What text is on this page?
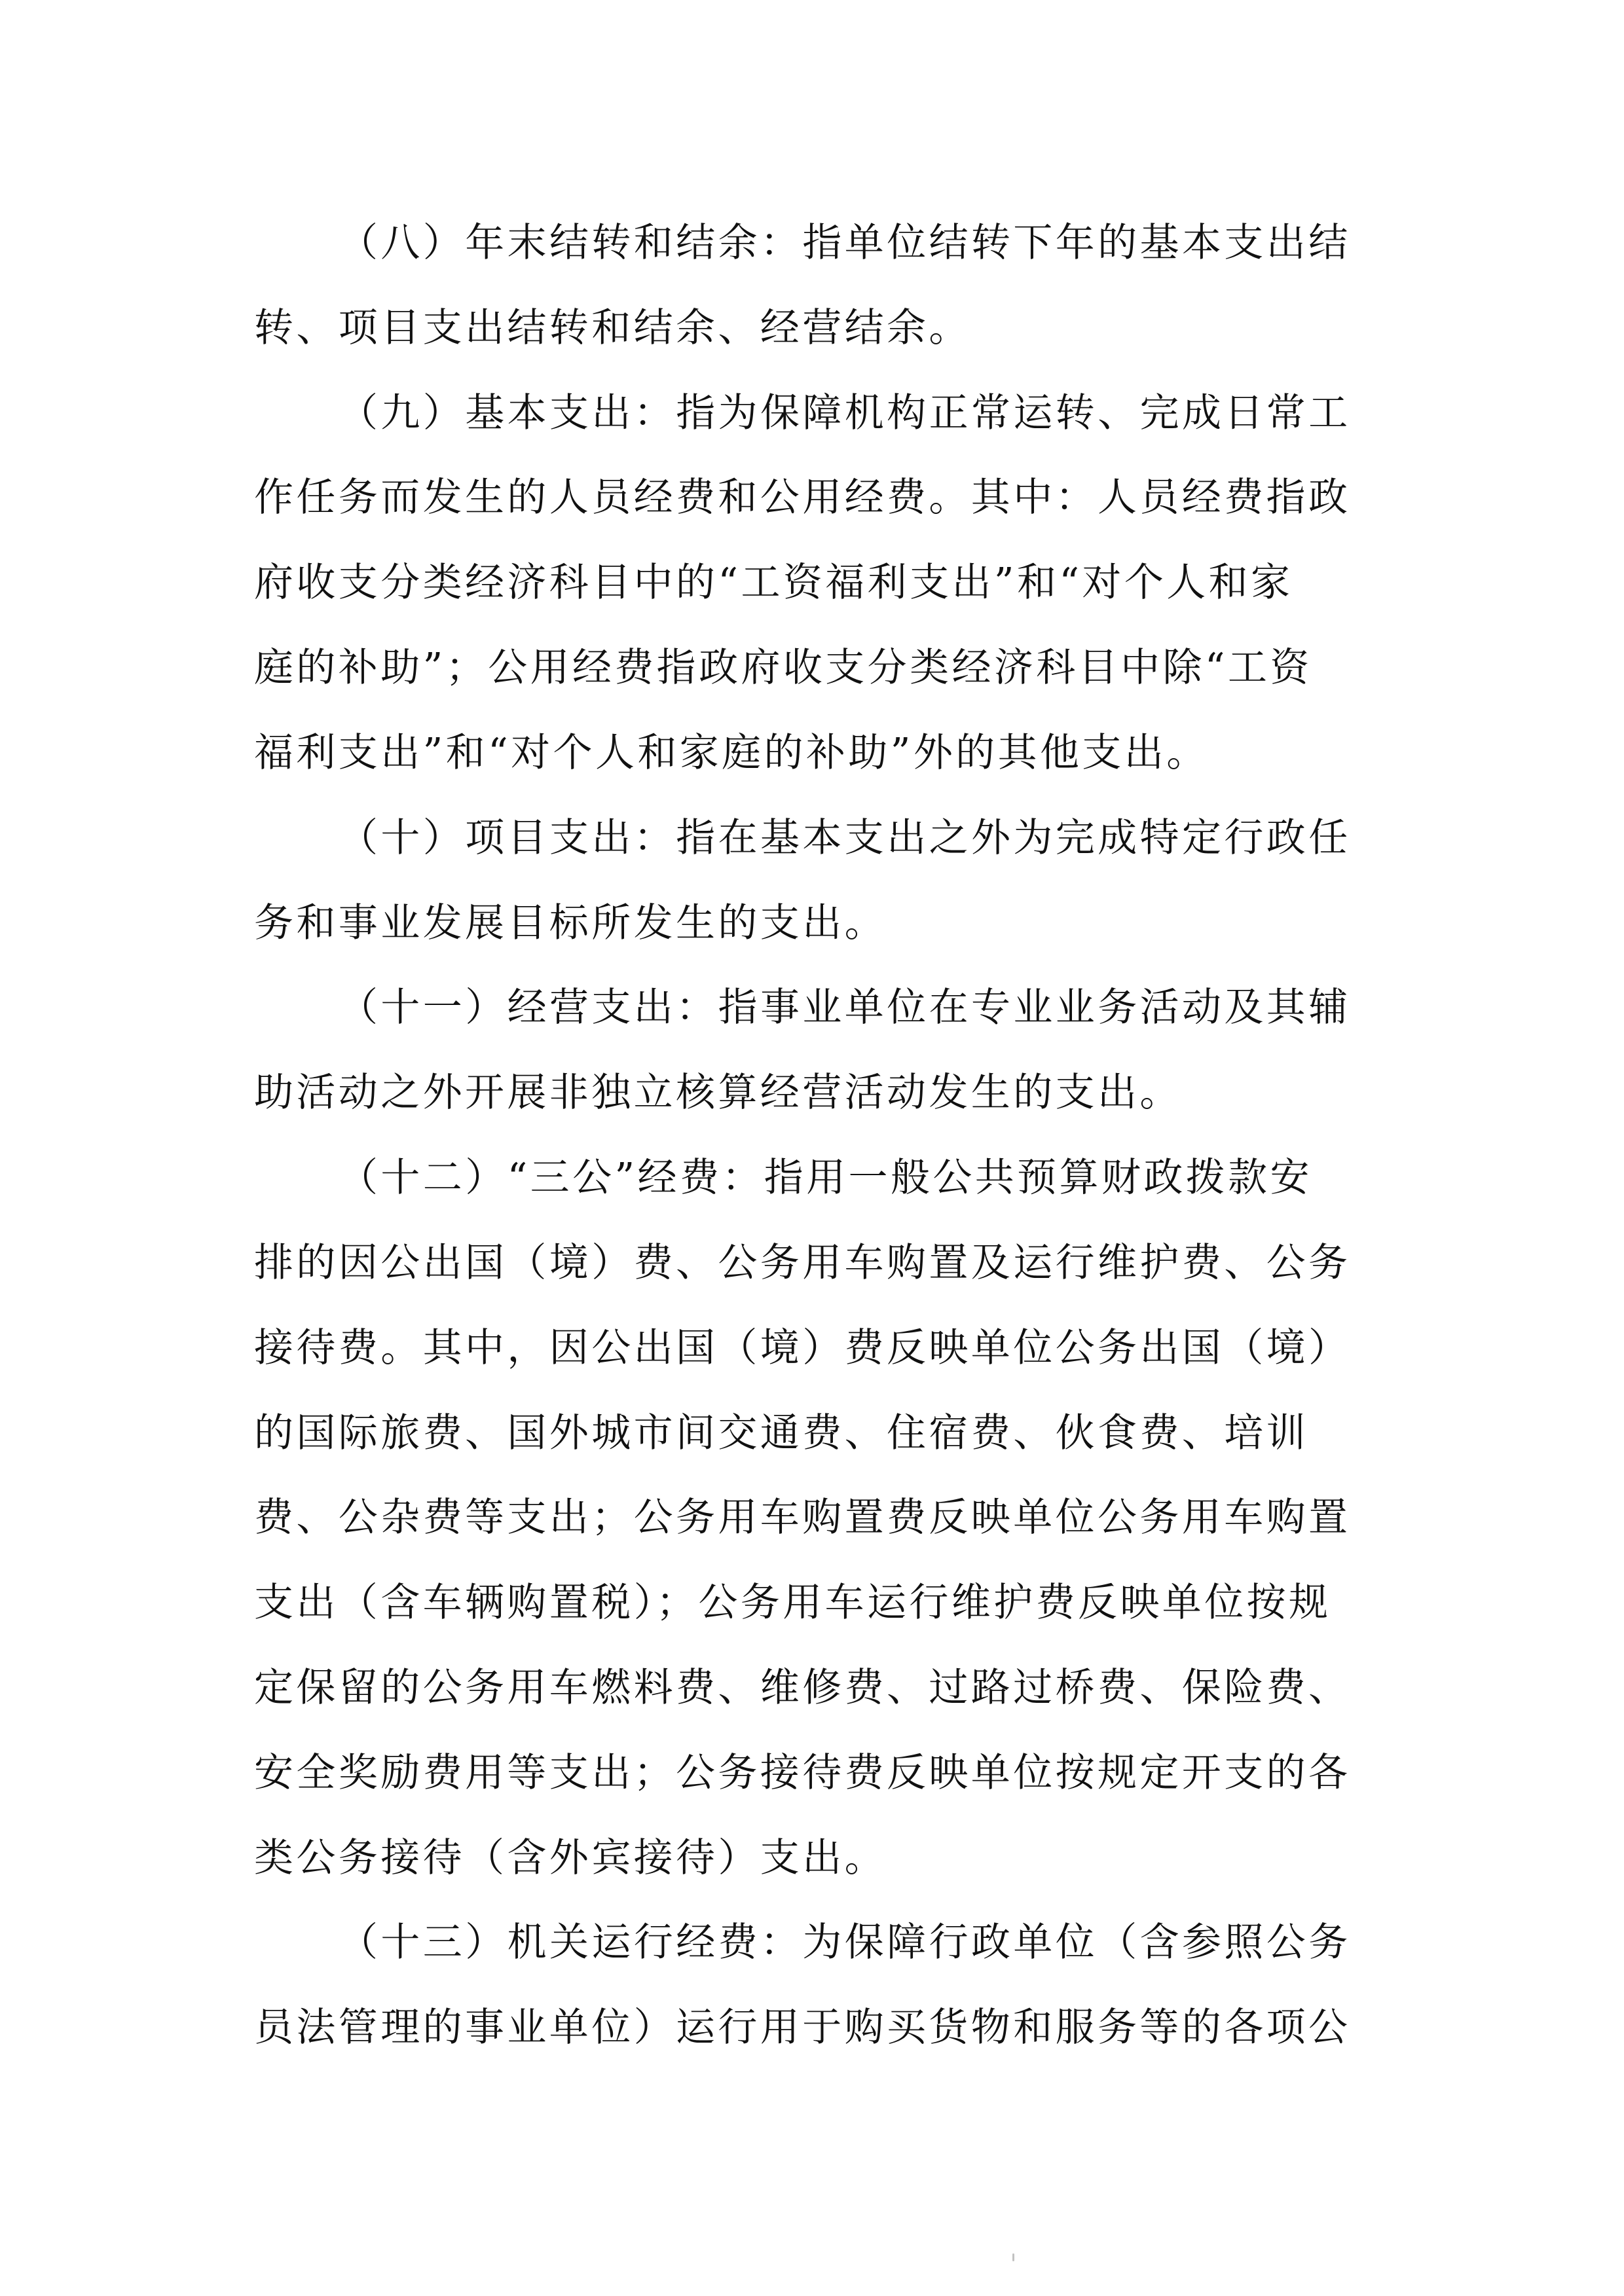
（八）年末结转和结余：指单位结转下年的基本支出结
转、项目支出结转和结余、经营结余。
（九）基本支出：指为保障机构正常运转、完成日常工
作任务而发生的人员经费和公用经费。其中：人员经费指政
府收支分类经济科目中的“工资福利支出”和“对个人和家
庭的补助”；公用经费指政府收支分类经济科目中除“工资
福利支出”和“对个人和家庭的补助”外的其他支出。
（十）项目支出：指在基本支出之外为完成特定行政任
务和事业发展目标所发生的支出。
（十一）经营支出：指事业单位在专业业务活动及其辅
助活动之外开展非独立核算经营活动发生的支出。
（十二）“三公”经费：指用一般公共预算财政拨款安
排的因公出国（境）费、公务用车购置及运行维护费、公务
接待费。其中，因公出国（境）费反映单位公务出国（境）
的国际旅费、国外城市间交通费、住宿费、伙食费、培训
费、公杂费等支出；公务用车购置费反映单位公务用车购置
支出（含车辆购置税）；公务用车运行维护费反映单位按规
定保留的公务用车燃料费、维修费、过路过桥费、保险费、
安全奖励费用等支出；公务接待费反映单位按规定开支的各
类公务接待（含外宾接待）支出。
（十三）机关运行经费：为保障行政单位（含参照公务
员法管理的事业单位）运行用于购买货物和服务等的各项公
